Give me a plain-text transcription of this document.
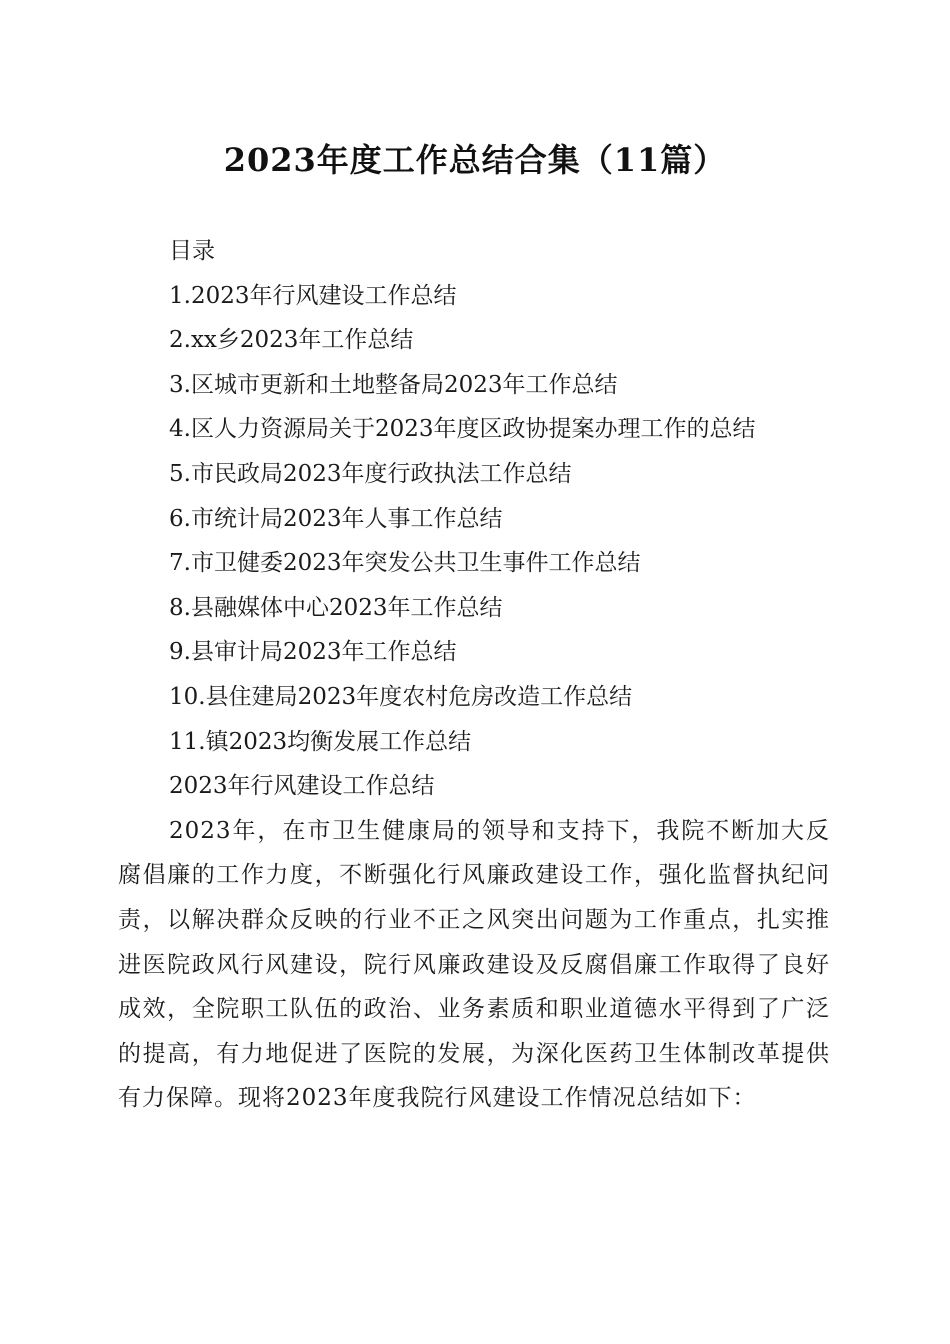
2023年度工作总结合集（11篇）
目录
1.2023年行风建设工作总结
2.xx乡2023年工作总结
3.区城市更新和土地整备局2023年工作总结
4.区人力资源局关于2023年度区政协提案办理工作的总结
5.市民政局2023年度行政执法工作总结
6.市统计局2023年人事工作总结
7.市卫健委2023年突发公共卫生事件工作总结
8.县融媒体中心2023年工作总结
9.县审计局2023年工作总结
10.县住建局2023年度农村危房改造工作总结
11.镇2023均衡发展工作总结
2023年行风建设工作总结
2023年，在市卫生健康局的领导和支持下，我院不断加大反腐倡廉的工作力度，不断强化行风廉政建设工作，强化监督执纪问责，以解决群众反映的行业不正之风突出问题为工作重点，扎实推进医院政风行风建设，院行风廉政建设及反腐倡廉工作取得了良好成效，全院职工队伍的政治、业务素质和职业道德水平得到了广泛的提高，有力地促进了医院的发展，为深化医药卫生体制改革提供有力保障。现将2023年度我院行风建设工作情况总结如下：
